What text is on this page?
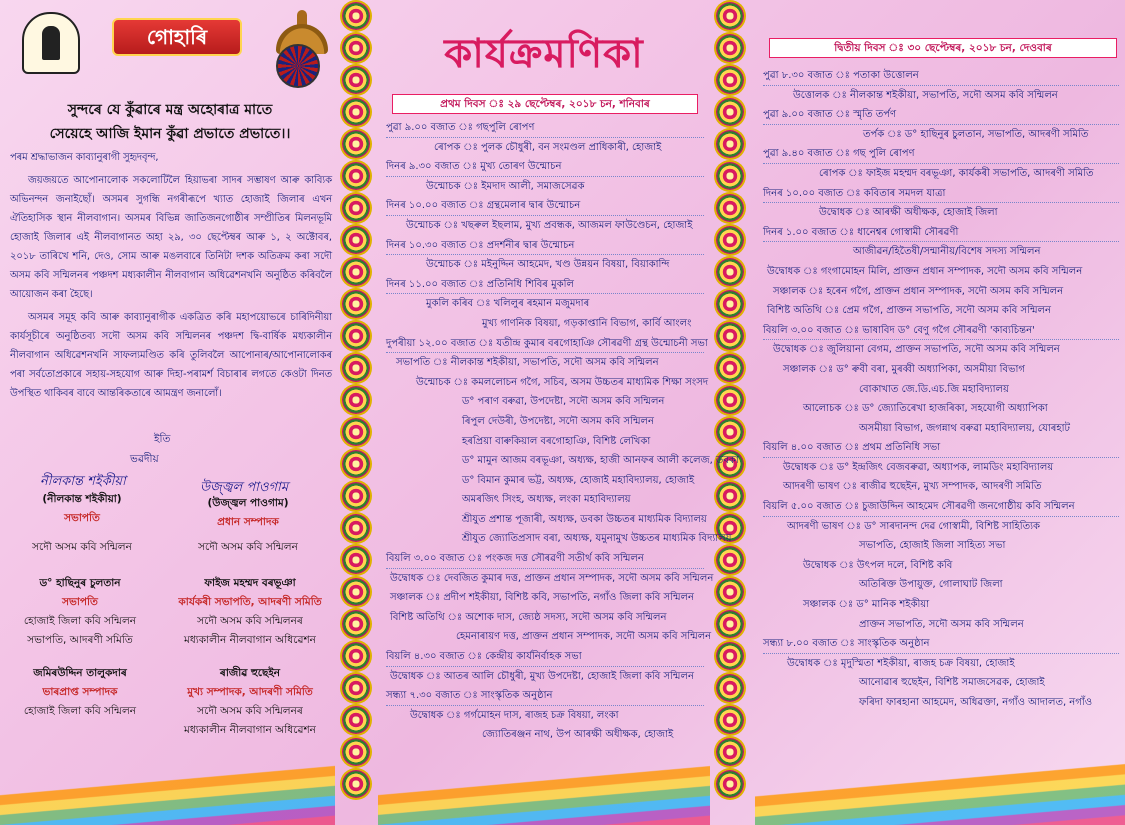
গোহাৰি
সুন্দৰে যে কুঁৱাৰে মন্ত্ৰ অহোৰাত্ৰ মাতে
সেয়েহে আজি ইমান কুঁৱা প্ৰভাতে প্ৰভাতে।।

পৰম শ্ৰদ্ধাভাজন কাব্যানুৰাগী সুহৃদবৃন্দ,

জয়জয়তে আপোনালোক সকলোটিলৈ হিয়াভৰা সাদৰ সম্ভাষণ আৰু কাব্যিক অভিনন্দন জনাইছোঁ। অসমৰ সুগন্ধি নগৰীৰূপে খ্যাত হোজাই জিলাৰ এখন ঐতিহাসিক স্থান নীলবাগান। অসমৰ বিভিন্ন জাতিজনগোষ্ঠীৰ সম্প্ৰীতিৰ মিলনভূমি হোজাই জিলাৰ এই নীলবাগানত অহা ২৯, ৩০ ছেপ্টেম্বৰ আৰু ১, ২ অক্টোবৰ, ২০১৮ তাৰিখে শনি, দেও, সোম আৰু মঙলবাৰে তিনিটা দশক অতিক্ৰম কৰা সদৌ অসম কবি সন্মিলনৰ পঞ্চদশ মধ্যকালীন নীলবাগান অধিৱেশনখনি অনুষ্ঠিত কৰিবলৈ আয়োজন কৰা হৈছে।

অসমৰ সমূহ কবি আৰু কাব্যানুৰাগীক একত্ৰিত কৰি মহাপয়োভৰে চাৰিদিনীয়া কাৰ্যসূচীৰে অনুষ্ঠিতব্য সদৌ অসম কবি সন্মিলনৰ পঞ্চদশ দ্বি-বাৰ্ষিক মধ্যকালীন নীলবাগান অধিৱেশনখনি সাফল্যমণ্ডিত কৰি তুলিবলৈ আপোনাৰ/আপোনালোকৰ পৰা সৰ্বতোপ্ৰকাৰে সহায়-সহযোগ আৰু দিহা-পৰামৰ্শ বিচাৰাৰ লগতে কেওটা দিনত উপস্থিত থাকিবৰ বাবে আন্তৰিকতাৰে আমন্ত্ৰণ জনালোঁ।

ইতি
ভৱদীয়
নীলকান্ত শইকীয়া	উজ্জ্বল পাওগাম
(নীলকান্ত শইকীয়া)
সভাপতি
সদৌ অসম কবি সন্মিলন
(উজ্জ্বল পাওগাম)
প্ৰধান সম্পাদক
সদৌ অসম কবি সন্মিলন
ড° হাছিনুৰ চুলতান
সভাপতি
হোজাই জিলা কবি সন্মিলন
সভাপতি, আদৰণী সমিতি
ফাইজ মহম্মদ বৰভূঞা
কাৰ্যকৰী সভাপতি, আদৰণী সমিতি
সদৌ অসম কবি সন্মিলনৰ
মধ্যকালীন নীলবাগান অধিৱেশন
জমিৰউদ্দিন তালুকদাৰ
ভাৰপ্ৰাপ্ত সম্পাদক
হোজাই জিলা কবি সন্মিলন
ৰাজীৱ হুছেইন
মুখ্য সম্পাদক, আদৰণী সমিতি
সদৌ অসম কবি সন্মিলনৰ
মধ্যকালীন নীলবাগান অধিৱেশন
কাৰ্যক্ৰমণিকা
প্ৰথম দিবস ঃ ২৯ ছেপ্টেম্বৰ, ২০১৮ চন, শনিবাৰ
পুৱা ৯.০০ বজাত ঃ গছপুলি ৰোপণ
ৰোপক ঃ পুলক চৌধুৰী, বন সংমণ্ডল প্ৰাধিকাৰী, হোজাই
দিনৰ ৯.৩০ বজাত ঃ মুখ্য তোৰণ উন্মোচন
উন্মোচক ঃ ইমদাদ আলী, সমাজসেৱক
দিনৰ ১০.০০ বজাত ঃ গ্ৰন্থমেলাৰ দ্বাৰ উন্মোচন
উন্মোচক ঃ খছৰুল ইছলাম, মুখ্য প্ৰবন্ধক, আজমল ফাউণ্ডেচন, হোজাই
দিনৰ ১০.৩০ বজাত ঃ প্ৰদৰ্শনীৰ দ্বাৰ উন্মোচন
উন্মোচক ঃ মইনুদ্দিন আহমেদ, খণ্ড উন্নয়ন বিষয়া, বিয়াকান্দি
দিনৰ ১১.০০ বজাত ঃ প্ৰতিনিধি শিবিৰ মুকলি
মুকলি কৰিব ঃ খলিলুৰ ৰহমান মজুমদাৰ
মুখ্য গাণনিক বিষয়া, গড়কাপ্তানি বিভাগ, কাৰ্বি আংলং
দুপৰীয়া ১২.০০ বজাত ঃ যতীন্দ্ৰ কুমাৰ বৰগোহাঞি সৌৰৱণী গ্ৰন্থ উন্মোচনী সভা
সভাপতি ঃ নীলকান্ত শইকীয়া, সভাপতি, সদৌ অসম কবি সন্মিলন
উন্মোচক ঃ কমললোচন গগৈ, সচিব, অসম উচ্চতৰ মাধ্যমিক শিক্ষা সংসদ
ড° পৰাণ বৰুৱা, উপদেষ্টা, সদৌ অসম কবি সন্মিলন
ৰিপুল দেউৰী, উপদেষ্টা, সদৌ অসম কবি সন্মিলন
হৰপ্ৰিয়া বাৰুকিয়াল বৰগোহাঞি, বিশিষ্ট লেখিকা
ড° মামুন আজম বৰভূঞা, অধ্যক্ষ, হাজী আনফৰ আলী কলেজ, ডবকা
ড° বিমান কুমাৰ ভট্ট, অধ্যক্ষ, হোজাই মহাবিদ্যালয়, হোজাই
অমৰজিৎ সিংহ, অধ্যক্ষ, লংকা মহাবিদ্যালয়
শ্ৰীযুত প্ৰশান্ত পূজাৰী, অধ্যক্ষ, ডবকা উচ্চতৰ মাধ্যমিক বিদ্যালয়
শ্ৰীযুত জ্যোতিপ্ৰসাদ বৰা, অধ্যক্ষ, যমুনামুখ উচ্চতৰ মাধ্যমিক বিদ্যালয়
বিয়লি ৩.০০ বজাত ঃ পংকজ দত্ত সৌৰৱণী সতীৰ্থ কবি সন্মিলন
উদ্বোধক ঃ দেবজিত কুমাৰ দত্ত, প্ৰাক্তন প্ৰধান সম্পাদক, সদৌ অসম কবি সন্মিলন
সঞ্চালক ঃ প্ৰদীপ শইকীয়া, বিশিষ্ট কবি, সভাপতি, নগাঁও জিলা কবি সন্মিলন
বিশিষ্ট অতিথি ঃ অশোক দাস, জ্যেষ্ঠ সদস্য, সদৌ অসম কবি সন্মিলন
হেমনাৰায়ণ দত্ত, প্ৰাক্তন প্ৰধান সম্পাদক, সদৌ অসম কবি সন্মিলন
বিয়লি ৪.৩০ বজাত ঃ কেন্দ্ৰীয় কাৰ্যনিৰ্বাহক সভা
উদ্বোধক ঃ আতৰ আলি চৌধুৰী, মুখ্য উপদেষ্টা, হোজাই জিলা কবি সন্মিলন
সন্ধ্যা ৭.৩০ বজাত ঃ সাংস্কৃতিক অনুষ্ঠান
উদ্বোধক ঃ গৰ্গমোহন দাস, ৰাজহ চক্ৰ বিষয়া, লংকা
জ্যোতিৰঞ্জন নাথ, উপ আৰক্ষী অধীক্ষক, হোজাই
দ্বিতীয় দিবস ঃ ৩০ ছেপ্টেম্বৰ, ২০১৮ চন, দেওবাৰ
পুৱা ৮.৩০ বজাত ঃ পতাকা উত্তোলন
উত্তোলক ঃ নীলকান্ত শইকীয়া, সভাপতি, সদৌ অসম কবি সন্মিলন
পুৱা ৯.০০ বজাত ঃ স্মৃতি তৰ্পণ
তৰ্পক ঃ ড° হাছিনুৰ চুলতান, সভাপতি, আদৰণী সমিতি
পুৱা ৯.৪০ বজাত ঃ গছ পুলি ৰোপণ
ৰোপক ঃ ফাইজ মহম্মদ বৰভূঞা, কাৰ্যকৰী সভাপতি, আদৰণী সমিতি
দিনৰ ১০.০০ বজাত ঃ কবিতাৰ সমদল যাত্ৰা
উদ্বোধক ঃ আৰক্ষী অধীক্ষক, হোজাই জিলা
দিনৰ ১.০০ বজাত ঃ ধানেশ্বৰ গোস্বামী সৌৰৱণী
আজীৱন/হিতৈষী/সন্মানীয়/বিশেষ সদস্য সন্মিলন
উদ্বোধক ঃ গংগামোহন মিলি, প্ৰাক্তন প্ৰধান সম্পাদক, সদৌ অসম কবি সন্মিলন
সঞ্চালক ঃ হৰেন গগৈ, প্ৰাক্তন প্ৰধান সম্পাদক, সদৌ অসম কবি সন্মিলন
বিশিষ্ট অতিথি ঃ প্ৰেম গগৈ, প্ৰাক্তন সভাপতি, সদৌ অসম কবি সন্মিলন
বিয়লি ৩.০০ বজাত ঃ ভাষাবিদ ড° বেণু গগৈ সৌৰৱণী 'কাব্যচিন্তন'
উদ্বোধক ঃ জুলিয়ানা বেগম, প্ৰাক্তন সভাপতি, সদৌ অসম কবি সন্মিলন
সঞ্চালক ঃ ড° ৰুবী বৰা, মুৰব্বী অধ্যাপিকা, অসমীয়া বিভাগ
বোকাখাত জে.ডি.এচ.জি মহাবিদ্যালয়
আলোচক ঃ ড° জ্যোতিৰেখা হাজৰিকা, সহযোগী অধ্যাপিকা
অসমীয়া বিভাগ, জগন্নাথ বৰুৱা মহাবিদ্যালয়, যোৰহাট
বিয়লি ৪.০০ বজাত ঃ প্ৰথম প্ৰতিনিধি সভা
উদ্বোধক ঃ ড° ইন্দ্ৰজিৎ বেজবৰুৱা, অধ্যাপক, লামডিং মহাবিদ্যালয়
আদৰণী ভাষণ ঃ ৰাজীৱ হুছেইন, মুখ্য সম্পাদক, আদৰণী সমিতি
বিয়লি ৫.০০ বজাত ঃ চুজাউদ্দিন আহমেদ সৌৰৱণী জনগোষ্ঠীয় কবি সন্মিলন
আদৰণী ভাষণ ঃ ড° সাৰদানন্দ দেৱ গোস্বামী, বিশিষ্ট সাহিত্যিক
সভাপতি, হোজাই জিলা সাহিত্য সভা
উদ্বোধক ঃ উৎপল দলে, বিশিষ্ট কবি
অতিৰিক্ত উপায়ুক্ত, গোলাঘাট জিলা
সঞ্চালক ঃ ড° মানিক শইকীয়া
প্ৰাক্তন সভাপতি, সদৌ অসম কবি সন্মিলন
সন্ধ্যা ৮.০০ বজাত ঃ সাংস্কৃতিক অনুষ্ঠান
উদ্বোধক ঃ মৃদুস্মিতা শইকীয়া, ৰাজহ চক্ৰ বিষয়া, হোজাই
আনোৱাৰ হুছেইন, বিশিষ্ট সমাজসেৱক, হোজাই
ফৰিদা ফাৰহানা আহমেদ, অধিৱক্তা, নগাঁও আদালত, নগাঁও
